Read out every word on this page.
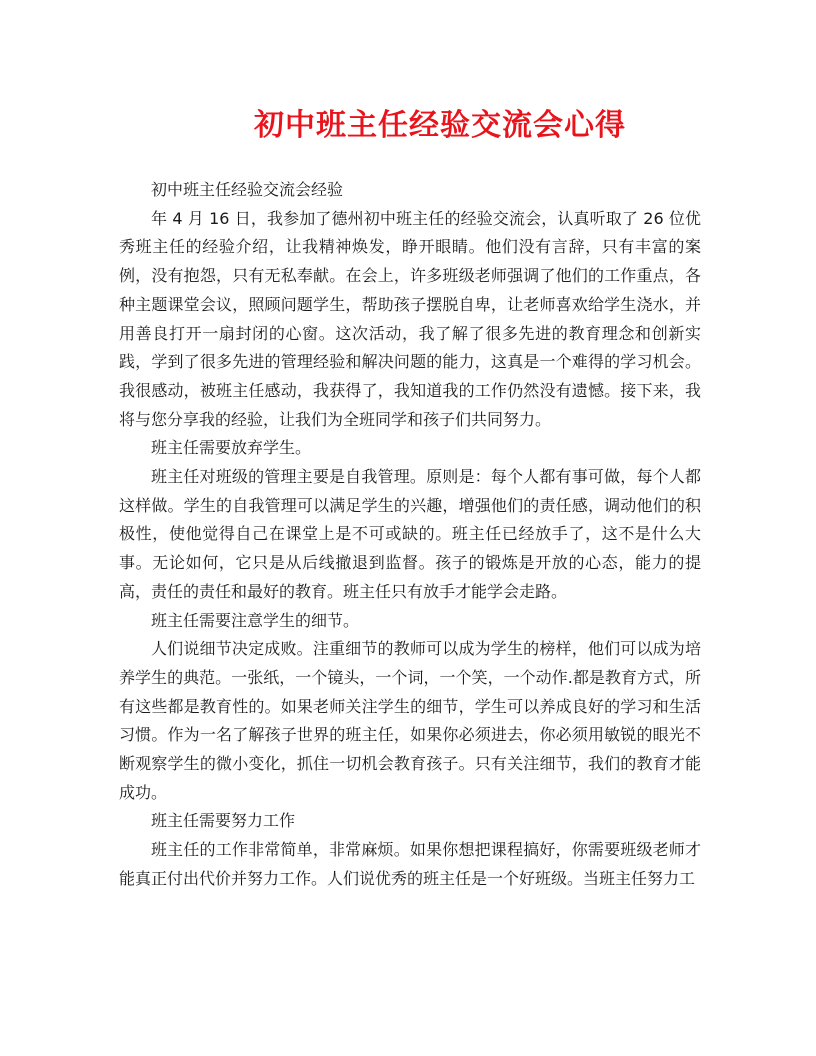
初中班主任经验交流会心得

初中班主任经验交流会经验

年 4 月 16 日，我参加了德州初中班主任的经验交流会，认真听取了 26 位优秀班主任的经验介绍，让我精神焕发，睁开眼睛。他们没有言辞，只有丰富的案例，没有抱怨，只有无私奉献。在会上，许多班级老师强调了他们的工作重点，各种主题课堂会议，照顾问题学生，帮助孩子摆脱自卑，让老师喜欢给学生浇水，并用善良打开一扇封闭的心窗。这次活动，我了解了很多先进的教育理念和创新实践，学到了很多先进的管理经验和解决问题的能力，这真是一个难得的学习机会。我很感动，被班主任感动，我获得了，我知道我的工作仍然没有遗憾。接下来，我将与您分享我的经验，让我们为全班同学和孩子们共同努力。

班主任需要放弃学生。

班主任对班级的管理主要是自我管理。原则是：每个人都有事可做，每个人都这样做。学生的自我管理可以满足学生的兴趣，增强他们的责任感，调动他们的积极性，使他觉得自己在课堂上是不可或缺的。班主任已经放手了，这不是什么大事。无论如何，它只是从后线撤退到监督。孩子的锻炼是开放的心态，能力的提高，责任的责任和最好的教育。班主任只有放手才能学会走路。

班主任需要注意学生的细节。

人们说细节决定成败。注重细节的教师可以成为学生的榜样，他们可以成为培养学生的典范。一张纸，一个镜头，一个词，一个笑，一个动作.都是教育方式，所有这些都是教育性的。如果老师关注学生的细节，学生可以养成良好的学习和生活习惯。作为一名了解孩子世界的班主任，如果你必须进去，你必须用敏锐的眼光不断观察学生的微小变化，抓住一切机会教育孩子。只有关注细节，我们的教育才能成功。

班主任需要努力工作

班主任的工作非常简单，非常麻烦。如果你想把课程搞好，你需要班级老师才能真正付出代价并努力工作。人们说优秀的班主任是一个好班级。当班主任努力工
